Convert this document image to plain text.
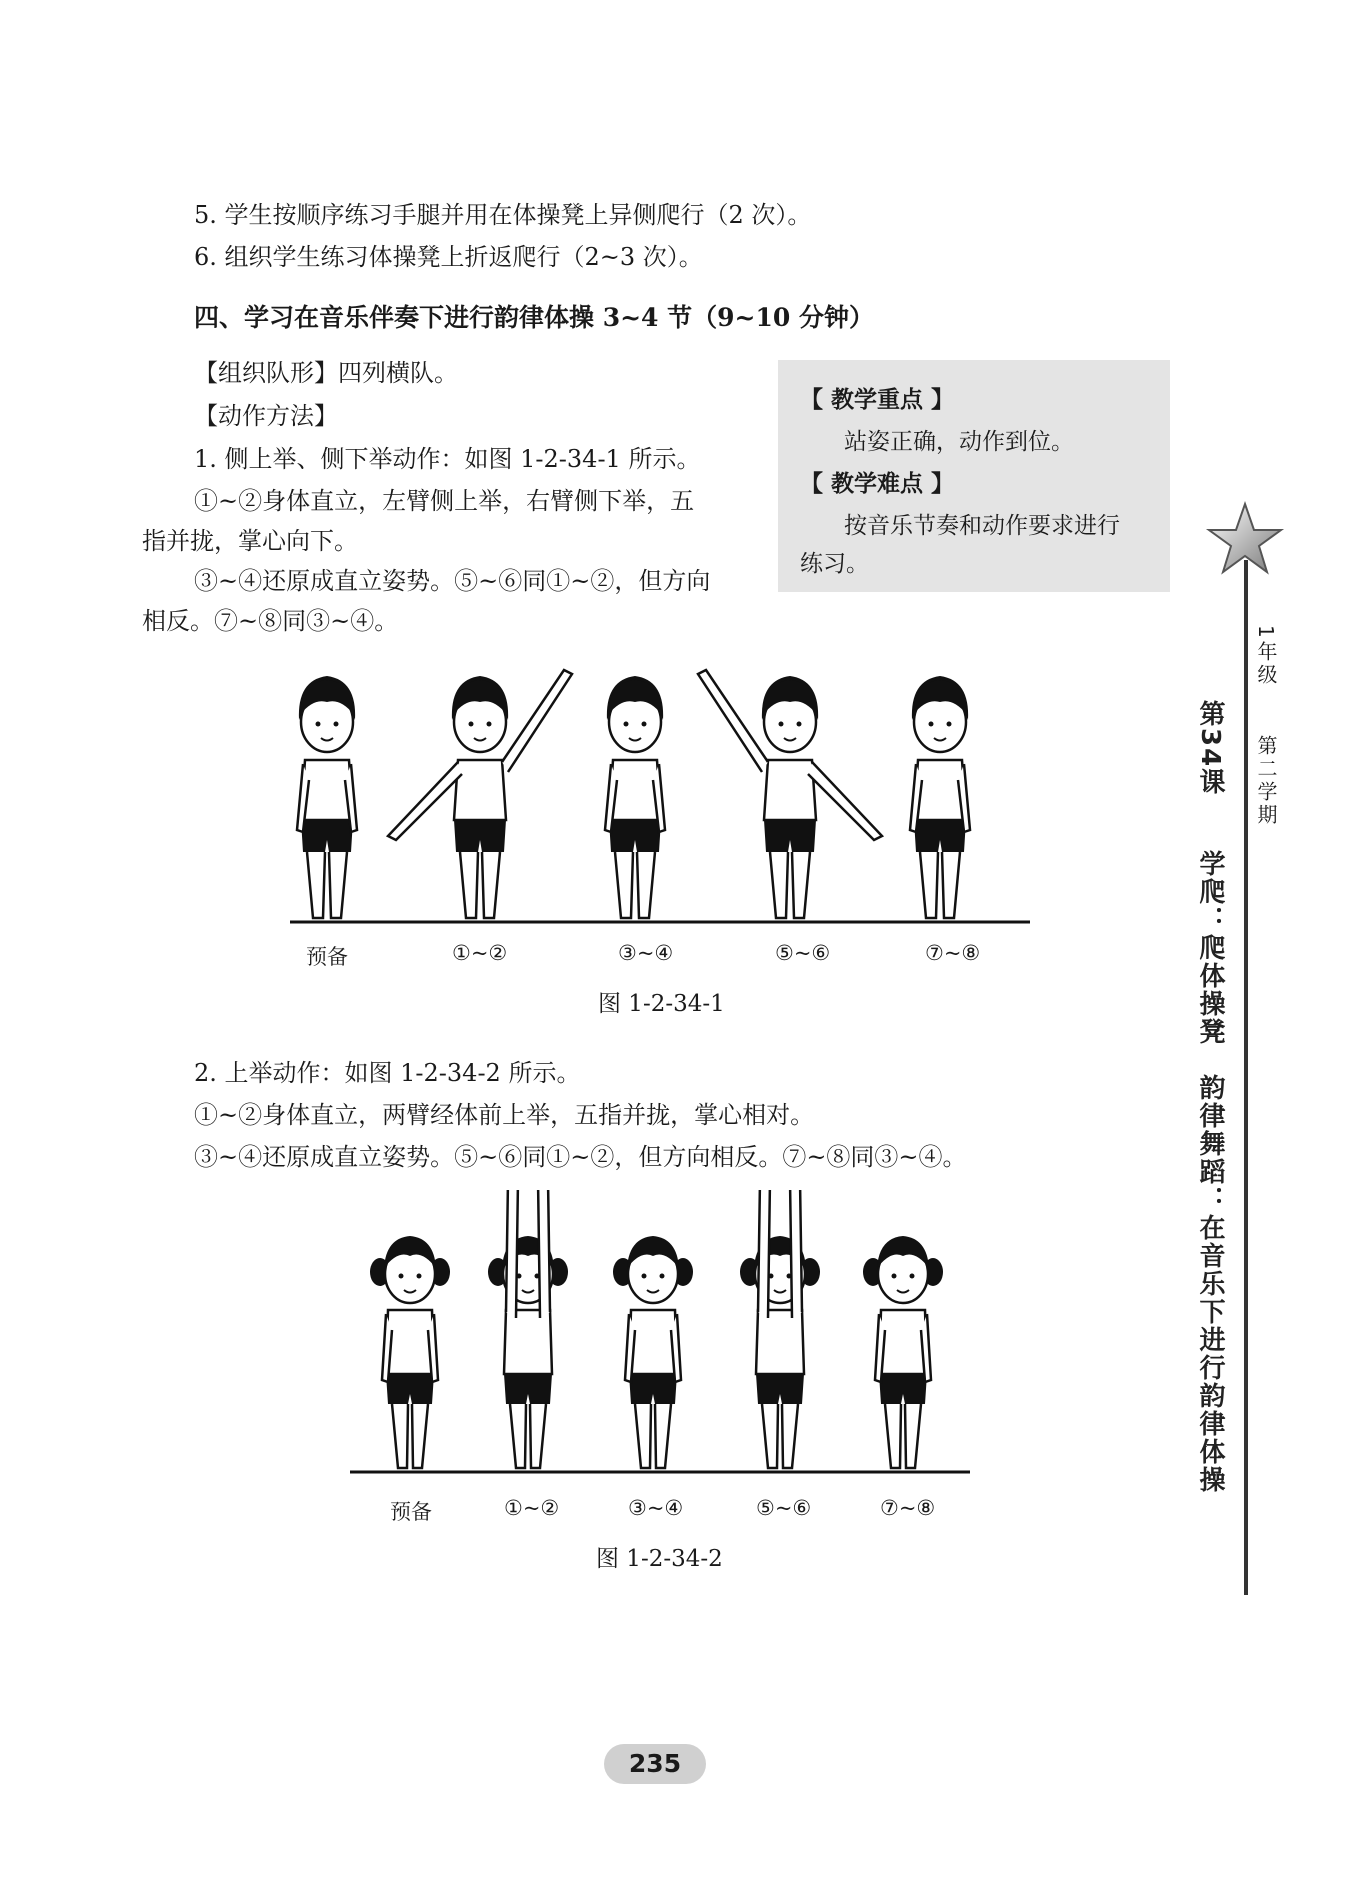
5. 学生按顺序练习手腿并用在体操凳上异侧爬行（2 次）。
6. 组织学生练习体操凳上折返爬行（2~3 次）。
四、学习在音乐伴奏下进行韵律体操 3~4 节（9~10 分钟）
【组织队形】四列横队。
【动作方法】
1. 侧上举、侧下举动作：如图 1-2-34-1 所示。
①~②身体直立，左臂侧上举，右臂侧下举，五
指并拢，掌心向下。
③~④还原成直立姿势。⑤~⑥同①~②，但方向
相反。⑦~⑧同③~④。
【 教学重点 】
站姿正确，动作到位。
【 教学难点 】
按音乐节奏和动作要求进行
练习。
预备	①~②	③~④	⑤~⑥	⑦~⑧
图 1-2-34-1
2. 上举动作：如图 1-2-34-2 所示。
①~②身体直立，两臂经体前上举，五指并拢，掌心相对。
③~④还原成直立姿势。⑤~⑥同①~②，但方向相反。⑦~⑧同③~④。
预备	①~②	③~④	⑤~⑥	⑦~⑧
图 1-2-34-2
1年级
第二学期
第34课
学爬：爬体操凳　韵律舞蹈：在音乐下进行韵律体操
235
